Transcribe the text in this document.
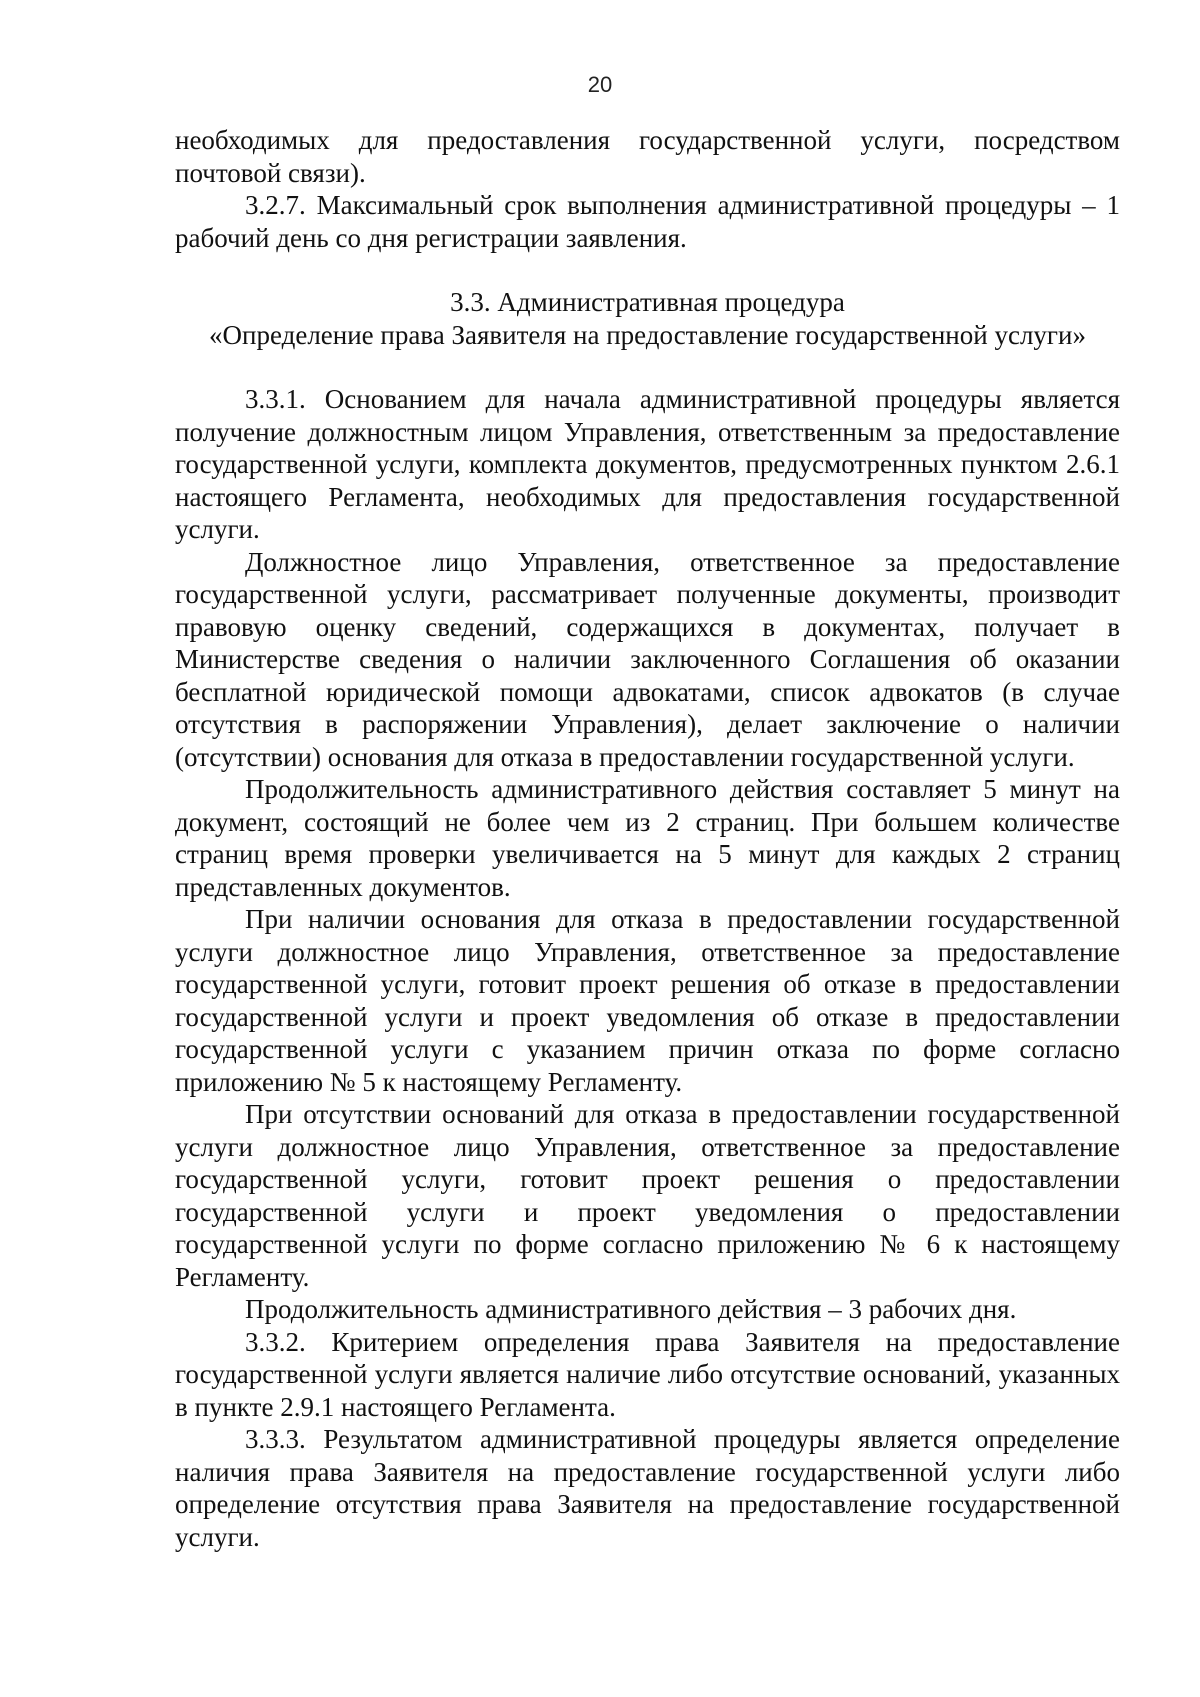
20

необходимых для предоставления государственной услуги, посредством почтовой связи).

3.2.7. Максимальный срок выполнения административной процедуры – 1 рабочий день со дня регистрации заявления.

3.3. Административная процедура

«Определение права Заявителя на предоставление государственной услуги»

3.3.1. Основанием для начала административной процедуры является получение должностным лицом Управления, ответственным за предоставление государственной услуги, комплекта документов, предусмотренных пунктом 2.6.1 настоящего Регламента, необходимых для предоставления государственной услуги.

Должностное лицо Управления, ответственное за предоставление государственной услуги, рассматривает полученные документы, производит правовую оценку сведений, содержащихся в документах, получает в Министерстве сведения о наличии заключенного Соглашения об оказании бесплатной юридической помощи адвокатами, список адвокатов (в случае отсутствия в распоряжении Управления), делает заключение о наличии (отсутствии) основания для отказа в предоставлении государственной услуги.

Продолжительность административного действия составляет 5 минут на документ, состоящий не более чем из 2 страниц. При большем количестве страниц время проверки увеличивается на 5 минут для каждых 2 страниц представленных документов.

При наличии основания для отказа в предоставлении государственной услуги должностное лицо Управления, ответственное за предоставление государственной услуги, готовит проект решения об отказе в предоставлении государственной услуги и проект уведомления об отказе в предоставлении государственной услуги с указанием причин отказа по форме согласно приложению № 5 к настоящему Регламенту.

При отсутствии оснований для отказа в предоставлении государственной услуги должностное лицо Управления, ответственное за предоставление государственной услуги, готовит проект решения о предоставлении государственной услуги и проект уведомления о предоставлении государственной услуги по форме согласно приложению № 6 к настоящему Регламенту.

Продолжительность административного действия – 3 рабочих дня.

3.3.2. Критерием определения права Заявителя на предоставление государственной услуги является наличие либо отсутствие оснований, указанных в пункте 2.9.1 настоящего Регламента.

3.3.3. Результатом административной процедуры является определение наличия права Заявителя на предоставление государственной услуги либо определение отсутствия права Заявителя на предоставление государственной услуги.
